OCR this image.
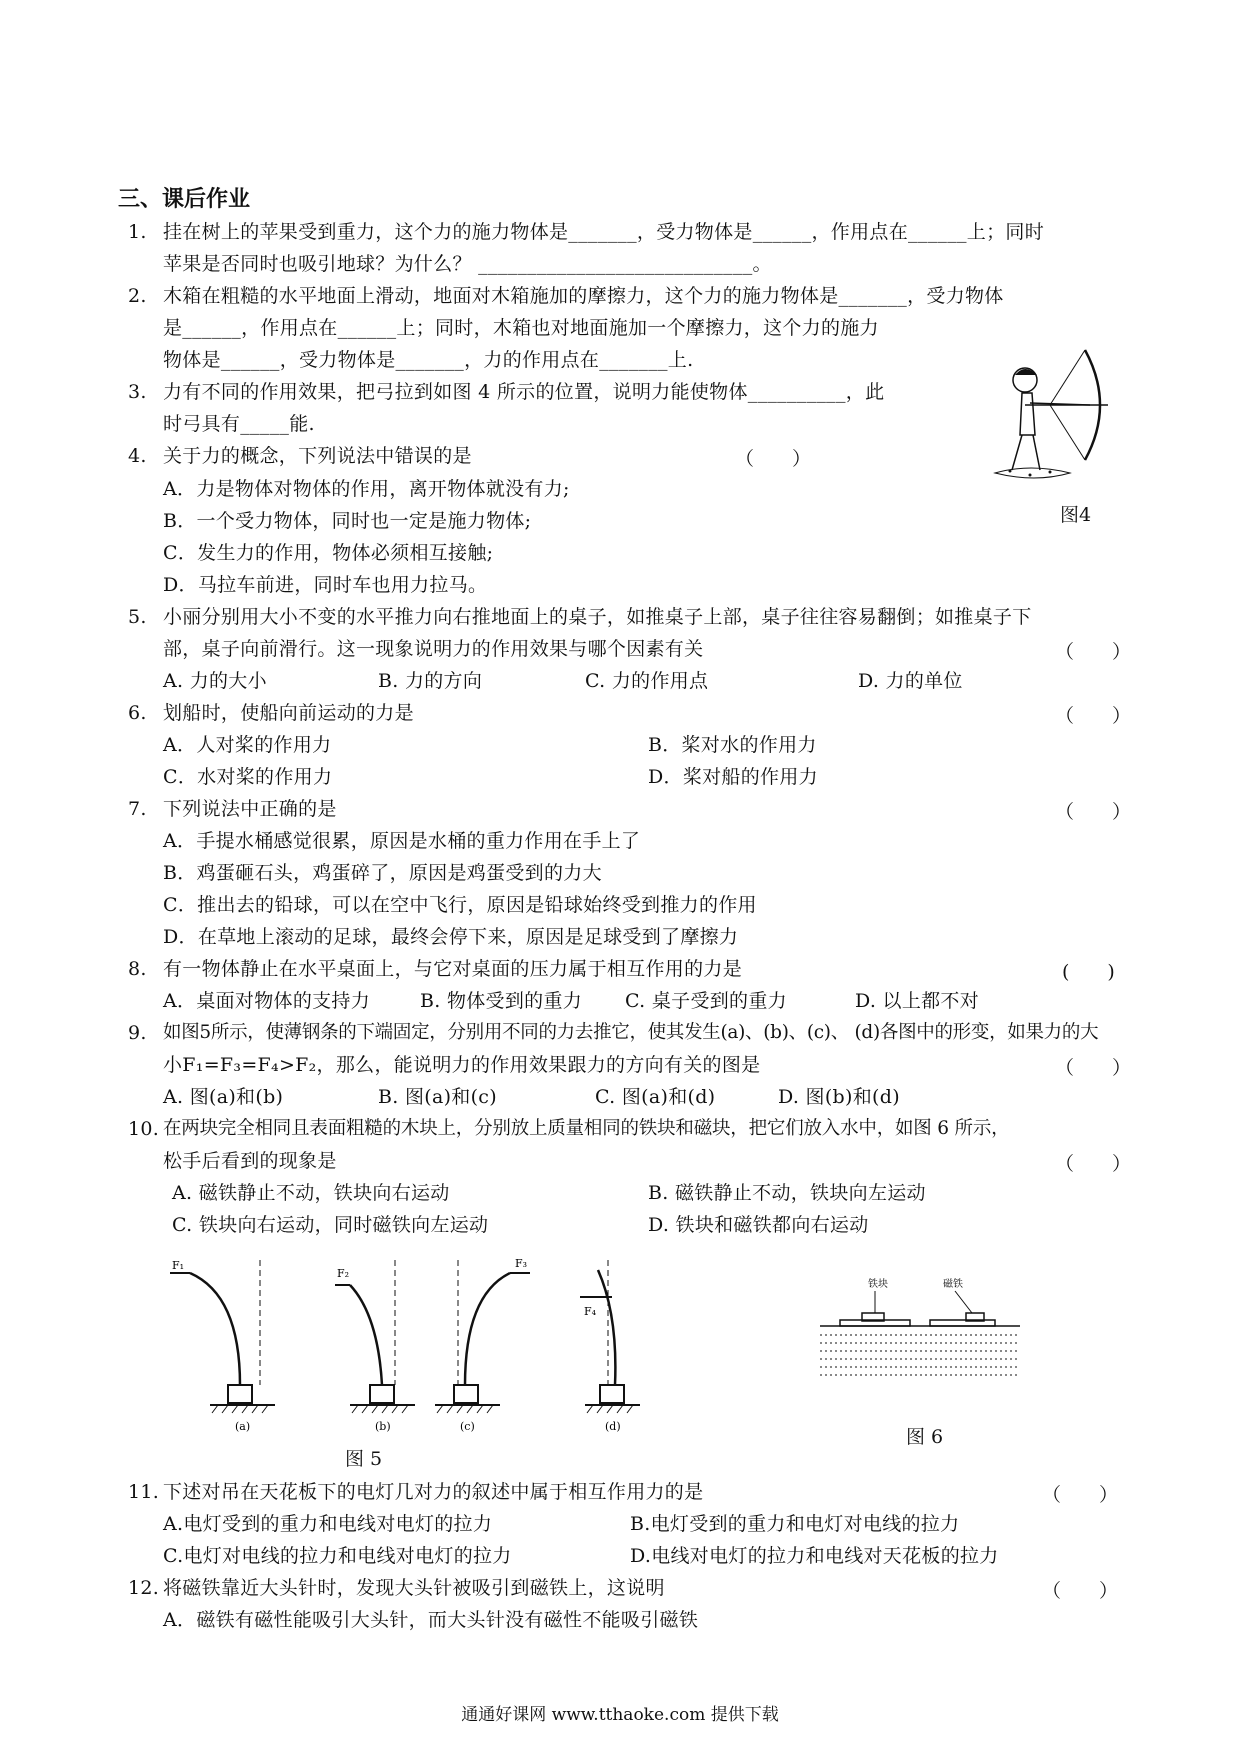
三、课后作业
1. 挂在树上的苹果受到重力，这个力的施力物体是_______，受力物体是______，作用点在______上；同时
苹果是否同时也吸引地球？为什么？ ____________________________。
2. 木箱在粗糙的水平地面上滑动，地面对木箱施加的摩擦力，这个力的施力物体是_______，受力物体
是______，作用点在______上；同时，木箱也对地面施加一个摩擦力，这个力的施力
物体是______，受力物体是_______，力的作用点在_______上.
3. 力有不同的作用效果，把弓拉到如图 4 所示的位置，说明力能使物体__________，此
时弓具有_____能.
图4
4. 关于力的概念，下列说法中错误的是	（　　）
A．力是物体对物体的作用，离开物体就没有力;
B．一个受力物体，同时也一定是施力物体;
C．发生力的作用，物体必须相互接触;
D．马拉车前进，同时车也用力拉马。
5. 小丽分别用大小不变的水平推力向右推地面上的桌子，如推桌子上部，桌子往往容易翻倒；如推桌子下
部，桌子向前滑行。这一现象说明力的作用效果与哪个因素有关	（　　）
A. 力的大小	B. 力的方向	C. 力的作用点	D. 力的单位
6. 划船时，使船向前运动的力是	（　　）
A．人对桨的作用力	B．桨对水的作用力
C．水对桨的作用力	D．桨对船的作用力
7. 下列说法中正确的是	（　　）
A．手提水桶感觉很累，原因是水桶的重力作用在手上了
B．鸡蛋砸石头，鸡蛋碎了，原因是鸡蛋受到的力大
C．推出去的铅球，可以在空中飞行，原因是铅球始终受到推力的作用
D．在草地上滚动的足球，最终会停下来，原因是足球受到了摩擦力
8. 有一物体静止在水平桌面上，与它对桌面的压力属于相互作用的力是	(　　)
A．桌面对物体的支持力	B. 物体受到的重力 C. 桌子受到的重力	D. 以上都不对
9. 如图5所示，使薄钢条的下端固定，分别用不同的力去推它，使其发生(a)、(b)、(c)、 (d)各图中的形变，如果力的大
小F₁=F₃=F₄>F₂，那么，能说明力的作用效果跟力的方向有关的图是	（　　）
A. 图(a)和(b)	B. 图(a)和(c)	C. 图(a)和(d)	D. 图(b)和(d)
10. 在两块完全相同且表面粗糙的木块上，分别放上质量相同的铁块和磁块，把它们放入水中，如图 6 所示，
松手后看到的现象是	（　　）
A. 磁铁静止不动，铁块向右运动	B. 磁铁静止不动，铁块向左运动
C. 铁块向右运动，同时磁铁向左运动	D. 铁块和磁铁都向右运动
F₁
(a)
F₂
(b)
F₃
(c)
F₄
(d)
图 5
铁块	磁铁
图 6
11. 下述对吊在天花板下的电灯几对力的叙述中属于相互作用力的是	（　　）
A.电灯受到的重力和电线对电灯的拉力	B.电灯受到的重力和电灯对电线的拉力
C.电灯对电线的拉力和电线对电灯的拉力	D.电线对电灯的拉力和电线对天花板的拉力
12. 将磁铁靠近大头针时，发现大头针被吸引到磁铁上，这说明	（　　）
A．磁铁有磁性能吸引大头针，而大头针没有磁性不能吸引磁铁
通通好课网 www.tthaoke.com 提供下载
